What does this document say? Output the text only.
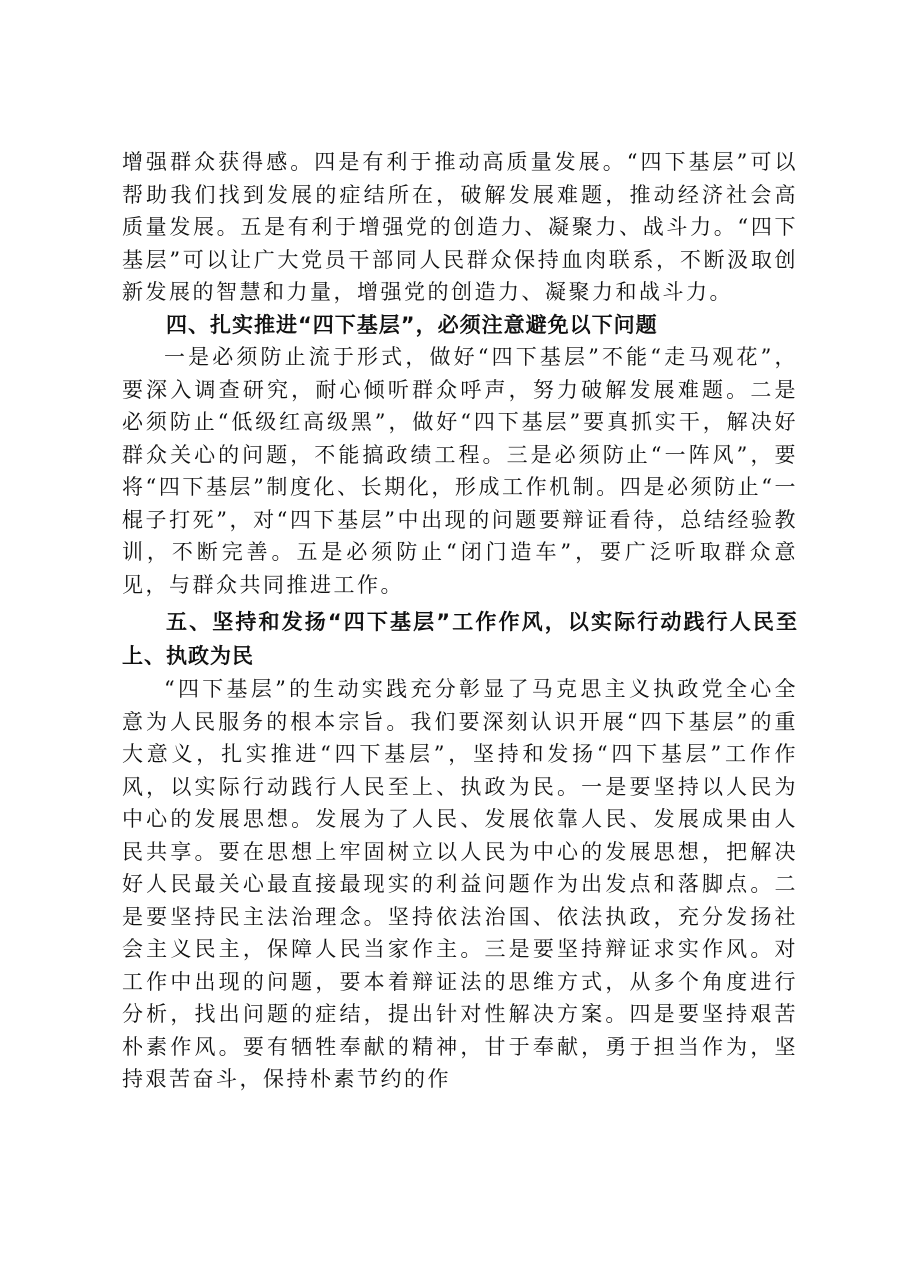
增强群众获得感。四是有利于推动高质量发展。“四下基层”可以帮助我们找到发展的症结所在，破解发展难题，推动经济社会高质量发展。五是有利于增强党的创造力、凝聚力、战斗力。“四下基层”可以让广大党员干部同人民群众保持血肉联系，不断汲取创新发展的智慧和力量，增强党的创造力、凝聚力和战斗力。

四、扎实推进“四下基层”，必须注意避免以下问题

一是必须防止流于形式，做好“四下基层”不能“走马观花”，要深入调查研究，耐心倾听群众呼声，努力破解发展难题。二是必须防止“低级红高级黑”，做好“四下基层”要真抓实干，解决好群众关心的问题，不能搞政绩工程。三是必须防止“一阵风”，要将“四下基层”制度化、长期化，形成工作机制。四是必须防止“一棍子打死”，对“四下基层”中出现的问题要辩证看待，总结经验教训，不断完善。五是必须防止“闭门造车”，要广泛听取群众意见，与群众共同推进工作。

五、坚持和发扬“四下基层”工作作风，以实际行动践行人民至上、执政为民

“四下基层”的生动实践充分彰显了马克思主义执政党全心全意为人民服务的根本宗旨。我们要深刻认识开展“四下基层”的重大意义，扎实推进“四下基层”，坚持和发扬“四下基层”工作作风，以实际行动践行人民至上、执政为民。一是要坚持以人民为中心的发展思想。发展为了人民、发展依靠人民、发展成果由人民共享。要在思想上牢固树立以人民为中心的发展思想，把解决好人民最关心最直接最现实的利益问题作为出发点和落脚点。二是要坚持民主法治理念。坚持依法治国、依法执政，充分发扬社会主义民主，保障人民当家作主。三是要坚持辩证求实作风。对工作中出现的问题，要本着辩证法的思维方式，从多个角度进行分析，找出问题的症结，提出针对性解决方案。四是要坚持艰苦朴素作风。要有牺牲奉献的精神，甘于奉献，勇于担当作为，坚持艰苦奋斗，保持朴素节约的作
